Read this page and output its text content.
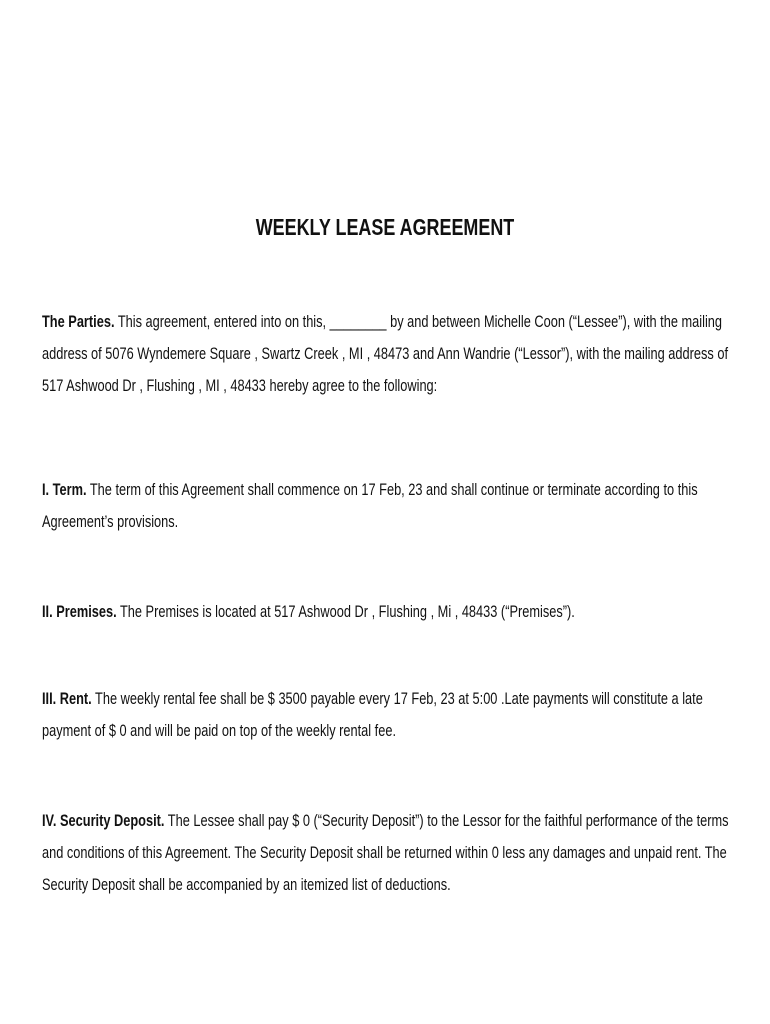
WEEKLY LEASE AGREEMENT
The Parties. This agreement, entered into on this, ________ by and between Michelle Coon (“Lessee”), with the mailing
address of 5076 Wyndemere Square , Swartz Creek , MI , 48473 and Ann Wandrie (“Lessor”), with the mailing address of
517 Ashwood Dr , Flushing , MI , 48433 hereby agree to the following:
I. Term. The term of this Agreement shall commence on 17 Feb, 23 and shall continue or terminate according to this
Agreement’s provisions.
II. Premises. The Premises is located at 517 Ashwood Dr , Flushing , Mi , 48433 (“Premises”).
III. Rent. The weekly rental fee shall be $ 3500 payable every 17 Feb, 23 at 5:00 .Late payments will constitute a late
payment of $ 0 and will be paid on top of the weekly rental fee.
IV. Security Deposit. The Lessee shall pay $ 0 (“Security Deposit”) to the Lessor for the faithful performance of the terms
and conditions of this Agreement. The Security Deposit shall be returned within 0 less any damages and unpaid rent. The
Security Deposit shall be accompanied by an itemized list of deductions.
